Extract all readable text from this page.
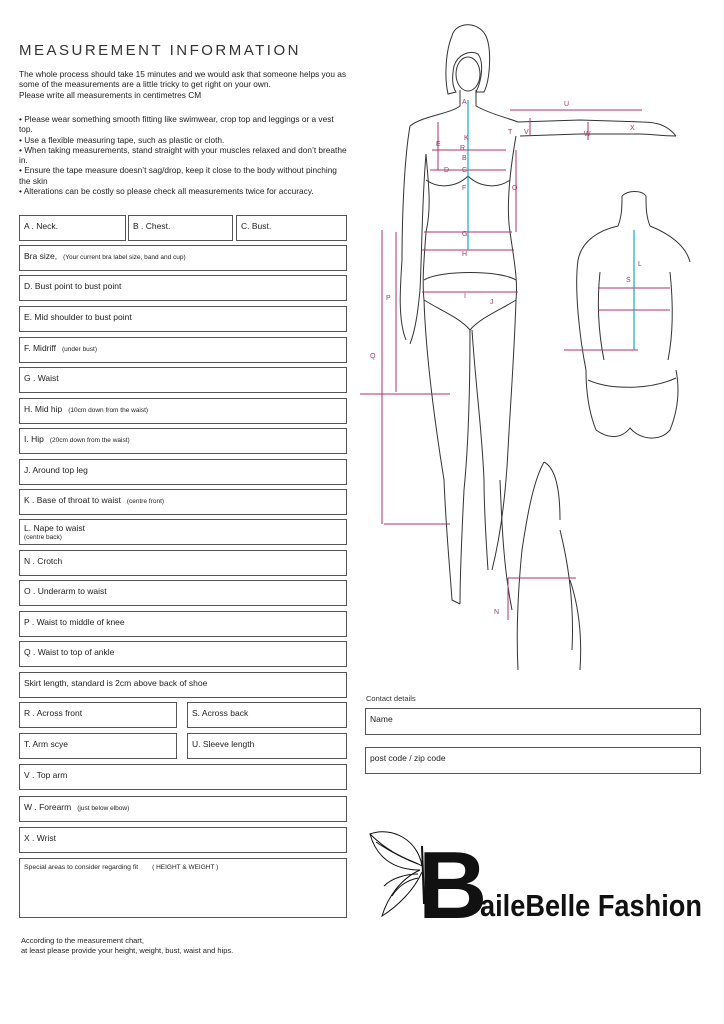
MEASUREMENT INFORMATION

The whole process should take 15 minutes and we would ask that someone helps you as

some of the measurements are a little tricky to get right on your own.

Please write all measurements in centimetres CM

• Please wear something smooth fitting like swimwear, crop top and leggings or a vest

top.

• Use a flexible measuring tape, such as plastic or cloth.

• When taking measurements, stand straight with your muscles relaxed and don’t breathe

in.

• Ensure the tape measure doesn’t sag/drop, keep it close to the body without pinching

the skin

• Alterations can be costly so please check all measurements twice for accuracy.

A . Neck.	B . Chest.	C. Bust.
Bra size, (Your current bra label size, band and cup)
D. Bust point to bust point
E. Mid shoulder to bust point
F. Midriff (under bust)
G . Waist
H. Mid hip (10cm down from the waist)
I. Hip (20cm down from the waist)
J. Around top leg
K . Base of throat to waist (centre front)
L. Nape to waist
(centre back)
N . Crotch
O . Underarm to waist
P . Waist to middle of knee
Q . Waist to top of ankle
Skirt length, standard is 2cm above back of shoe
R . Across front	S. Across back
T. Arm scye	U. Sleeve length
V . Top arm
W . Forearm (just below elbow)
X . Wrist
Special areas to consider regarding fit ( HEIGHT & WEIGHT )
Contact details
Name
post code / zip code

According to the measurement chart,

at least please provide your height, weight, bust, waist and hips.

A
B
C
D
E
F
G
H
I
J
K
L
N
O
P
Q
R
S
T
U
V	W
X
B
aileBelle Fashion
